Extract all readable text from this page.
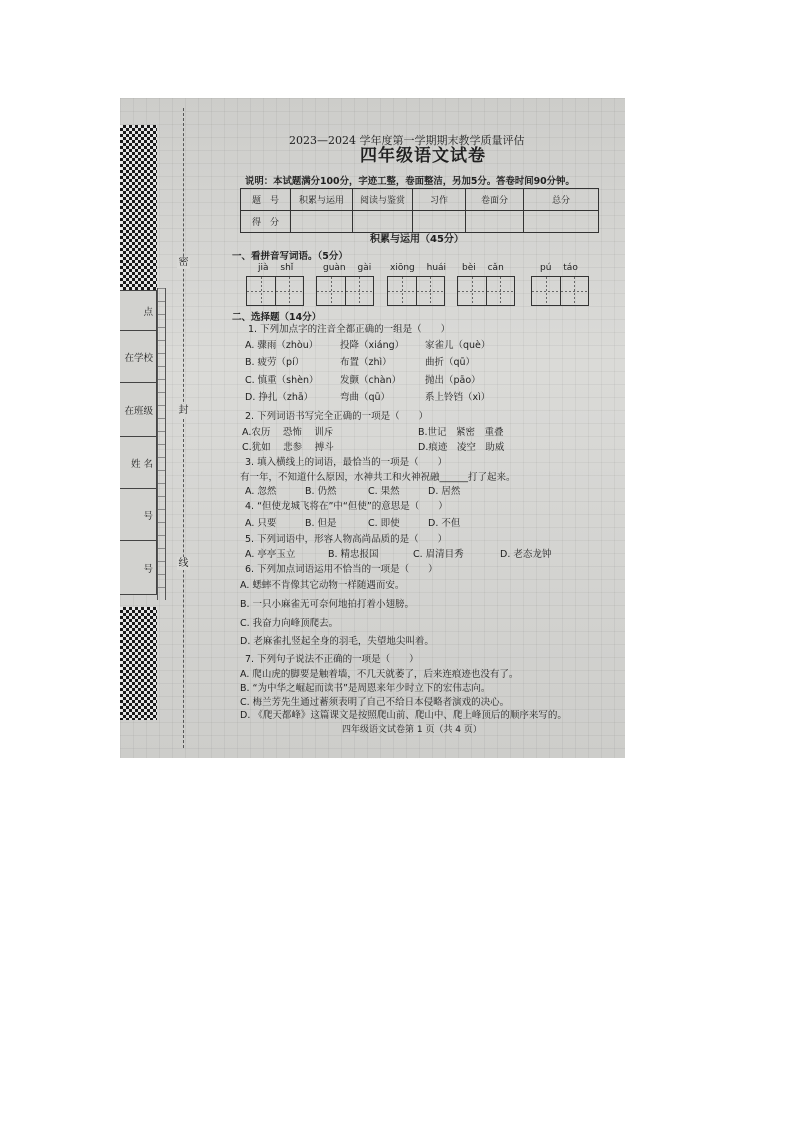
点
在学校
在班级
姓 名
号
号
密
封
线
2023—2024 学年度第一学期期末教学质量评估
四年级语文试卷
说明：本试题满分100分，字迹工整，卷面整洁，另加5分。答卷时间90分钟。
题　号	积累与运用	阅读与鉴赏	习作	卷面分	总分
得　分
积累与运用（45分）
一、看拼音写词语。（5分）
jià shǐ	guàn gài xiōng huái bèi cǎn	pú táo
二、选择题（14分）
1. 下列加点字的注音全都正确的一组是（　　）
A. 骤雨（zhòu） 投降（xiáng） 家雀儿（què）
B. 疲劳（pí）	布置（zhì）	曲折（qū）
C. 慎重（shèn） 发颤（chàn）	抛出（pāo）
D. 挣扎（zhā）	弯曲（qū）	系上铃铛（xì）
2. 下列词语书写完全正确的一项是（　　）
A.农历　 恐怖　 训斥	B.世记　紧密　重叠
C.犹如　 悲参　 搏斗	D.痕迹　凌空　助威
3. 填入横线上的词语，最恰当的一项是（　　）
有一年，不知道什么原因，水神共工和火神祝融______打了起来。
A. 忽然	B. 仍然	C. 果然	D. 居然
4. “但使龙城飞将在”中“但使”的意思是（　　）
A. 只要	B. 但是	C. 即使	D. 不但
5. 下列词语中，形容人物高尚品质的是（　　）
A. 亭亭玉立	B. 精忠报国	C. 眉清目秀	D. 老态龙钟
6. 下列加点词语运用不恰当的一项是（　　）
A. 蟋蟀不肯像其它动物一样随遇而安。
B. 一只小麻雀无可奈何地拍打着小翅膀。
C. 我奋力向峰顶爬去。
D. 老麻雀扎竖起全身的羽毛，失望地尖叫着。
7. 下列句子说法不正确的一项是（　　）
A. 爬山虎的脚要是触着墙，不几天就萎了，后来连痕迹也没有了。
B. “为中华之崛起而读书”是周恩来年少时立下的宏伟志向。
C. 梅兰芳先生通过蓄须表明了自己不给日本侵略者演戏的决心。
D. 《爬天都峰》这篇课文是按照爬山前、爬山中、爬上峰顶后的顺序来写的。
四年级语文试卷第 1 页（共 4 页）
